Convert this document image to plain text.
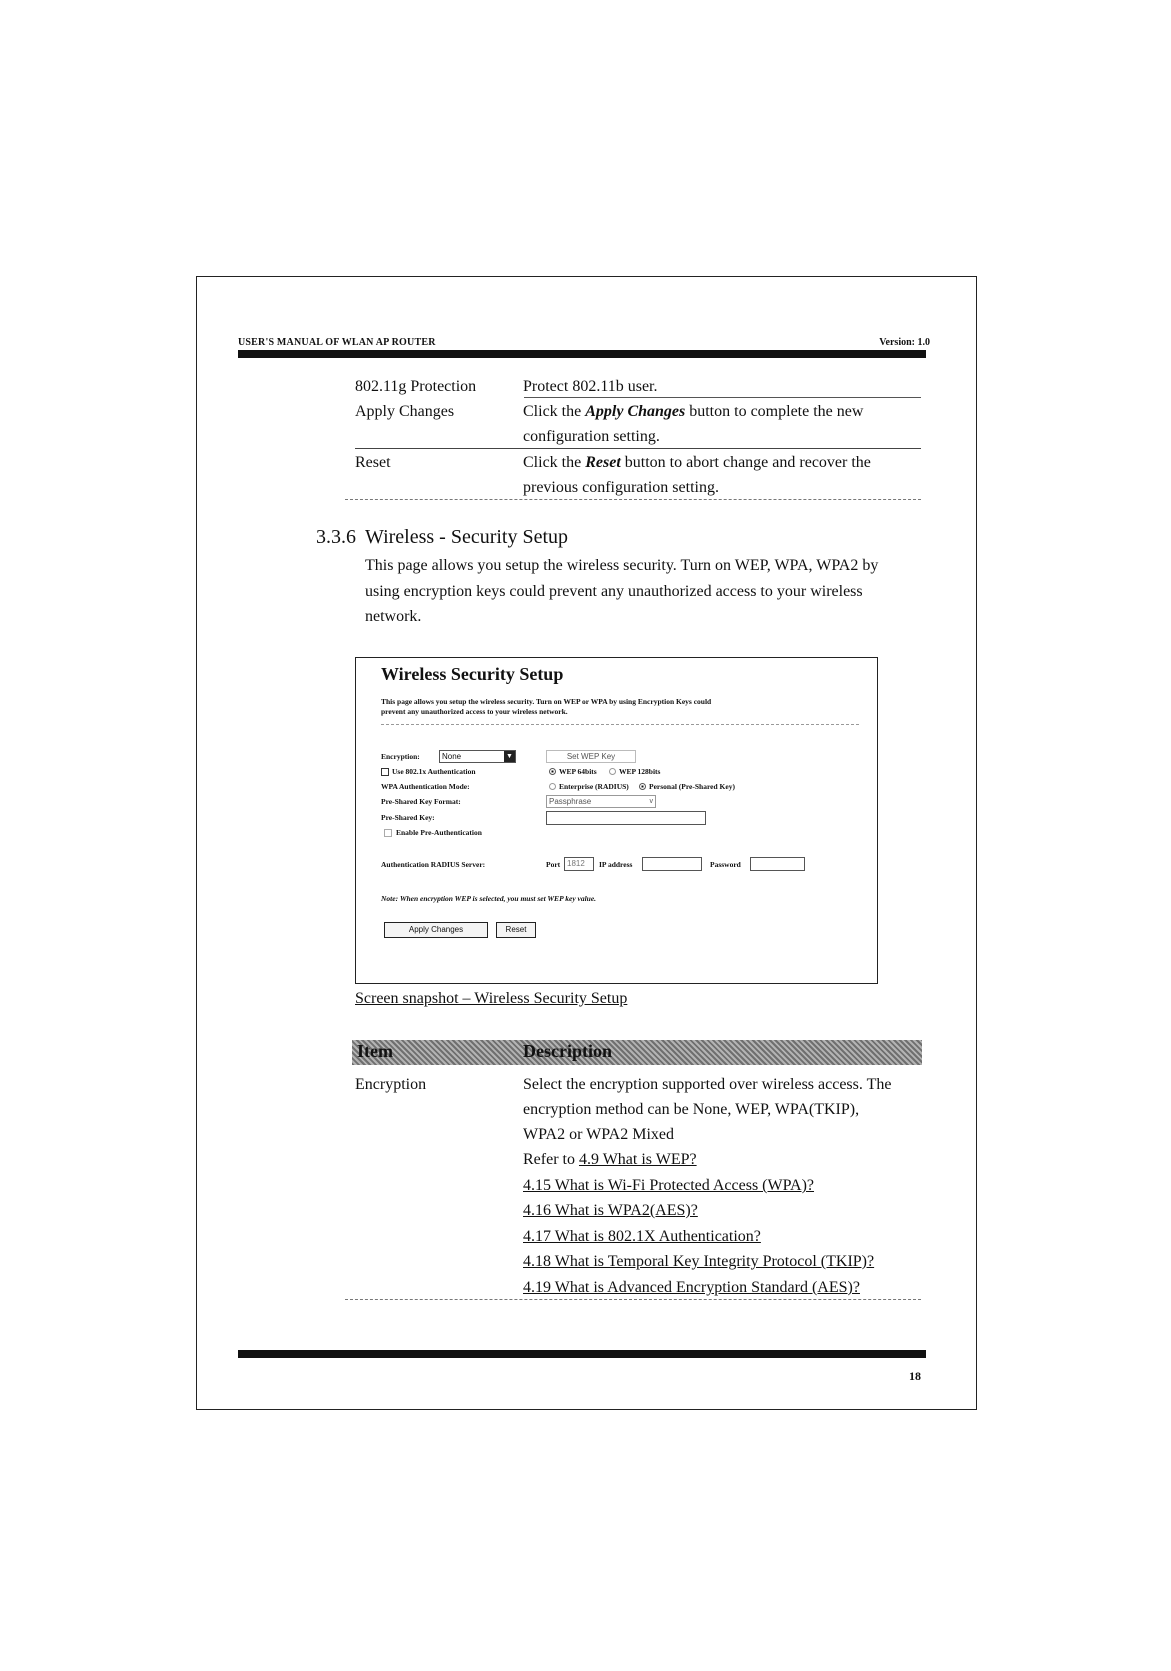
USER'S MANUAL OF WLAN AP ROUTER	Version: 1.0
802.11g Protection	Protect 802.11b user.
Apply Changes	Click the Apply Changes button to complete the new
configuration setting.
Reset	Click the Reset button to abort change and recover the
previous configuration setting.
3.3.6 Wireless - Security Setup
This page allows you setup the wireless security. Turn on WEP, WPA, WPA2 by
using encryption keys could prevent any unauthorized access to your wireless
network.
Wireless Security Setup
This page allows you setup the wireless security. Turn on WEP or WPA by using Encryption Keys could
prevent any unauthorized access to your wireless network.
Encryption:	None	▼	Set WEP Key
Use 802.1x Authentication	WEP 64bits	WEP 128bits
WPA Authentication Mode:	Enterprise (RADIUS)	Personal (Pre-Shared Key)
Pre-Shared Key Format:	Passphrase	v
Pre-Shared Key:
Enable Pre-Authentication
Authentication RADIUS Server:	Port 1812	IP address	Password
Note: When encryption WEP is selected, you must set WEP key value.
Apply Changes	Reset
Screen snapshot – Wireless Security Setup
Item	Description
Encryption	Select the encryption supported over wireless access. The
encryption method can be None, WEP, WPA(TKIP),
WPA2 or WPA2 Mixed
Refer to 4.9 What is WEP?
4.15 What is Wi-Fi Protected Access (WPA)?
4.16 What is WPA2(AES)?
4.17 What is 802.1X Authentication?
4.18 What is Temporal Key Integrity Protocol (TKIP)?
4.19 What is Advanced Encryption Standard (AES)?
18
